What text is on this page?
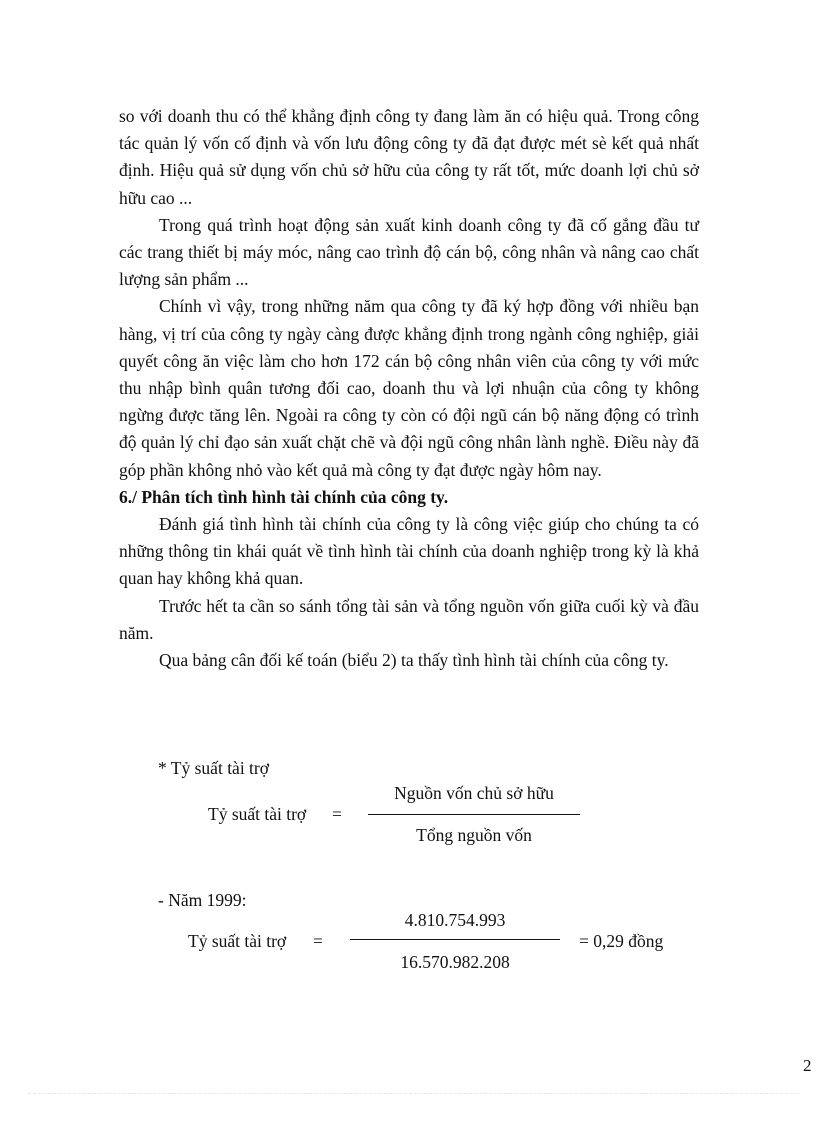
so với doanh thu có thể khẳng định công ty đang làm ăn có hiệu quả. Trong công tác quản lý vốn cố định và vốn lưu động công ty đã đạt được mét sè kết quả nhất định. Hiệu quả sử dụng vốn chủ sở hữu của công ty rất tốt, mức doanh lợi chủ sở hữu cao ...

Trong quá trình hoạt động sản xuất kinh doanh công ty đã cố gắng đầu tư các trang thiết bị máy móc, nâng cao trình độ cán bộ, công nhân và nâng cao chất lượng sản phẩm ...

Chính vì vậy, trong những năm qua công ty đã ký hợp đồng với nhiều bạn hàng, vị trí của công ty ngày càng được khẳng định trong ngành công nghiệp, giải quyết công ăn việc làm cho hơn 172 cán bộ công nhân viên của công ty với mức thu nhập bình quân tương đối cao, doanh thu và lợi nhuận của công ty không ngừng được tăng lên. Ngoài ra công ty còn có đội ngũ cán bộ năng động có trình độ quản lý chỉ đạo sản xuất chặt chẽ và đội ngũ công nhân lành nghề. Điều này đã góp phần không nhỏ vào kết quả mà công ty đạt được ngày hôm nay.

6./ Phân tích tình hình tài chính của công ty.

Đánh giá tình hình tài chính của công ty là công việc giúp cho chúng ta có những thông tin khái quát về tình hình tài chính của doanh nghiệp trong kỳ là khả quan hay không khả quan.

Trước hết ta cần so sánh tổng tài sản và tổng nguồn vốn giữa cuối kỳ và đầu năm.

Qua bảng cân đối kế toán (biểu 2) ta thấy tình hình tài chính của công ty.

* Tỷ suất tài trợ
Tỷ suất tài trợ =
Nguồn vốn chủ sở hữu
Tổng nguồn vốn
- Năm 1999:
Tỷ suất tài trợ =
4.810.754.993
16.570.982.208
= 0,29 đồng
2
